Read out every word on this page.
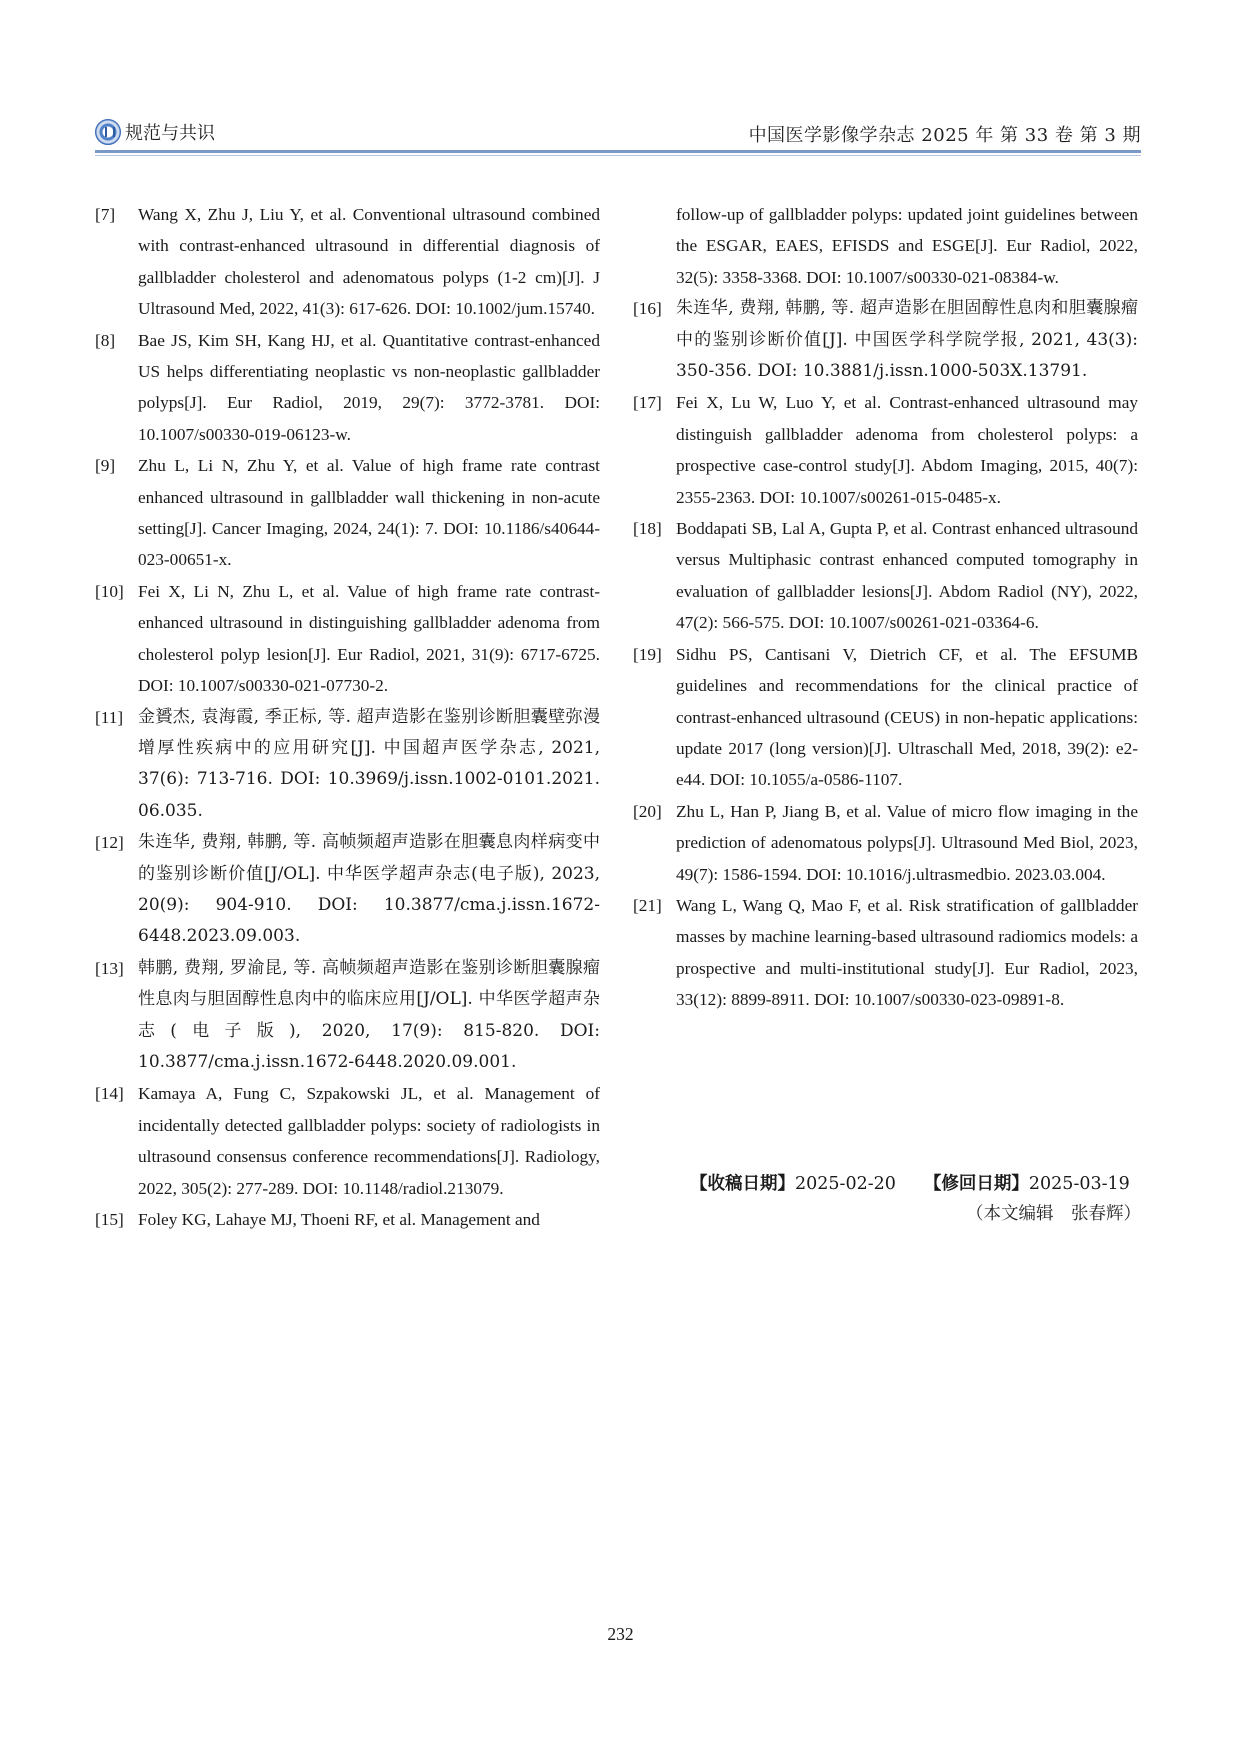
规范与共识	中国医学影像学杂志 2025 年 第 33 卷 第 3 期
[7] Wang X, Zhu J, Liu Y, et al. Conventional ultrasound combined with contrast-enhanced ultrasound in differential diagnosis of gallbladder cholesterol and adenomatous polyps (1-2 cm)[J]. J Ultrasound Med, 2022, 41(3): 617-626. DOI: 10.1002/jum.15740.
[8] Bae JS, Kim SH, Kang HJ, et al. Quantitative contrast-enhanced US helps differentiating neoplastic vs non-neoplastic gallbladder polyps[J]. Eur Radiol, 2019, 29(7): 3772-3781. DOI: 10.1007/s00330-019-06123-w.
[9] Zhu L, Li N, Zhu Y, et al. Value of high frame rate contrast enhanced ultrasound in gallbladder wall thickening in non-acute setting[J]. Cancer Imaging, 2024, 24(1): 7. DOI: 10.1186/s40644-023-00651-x.
[10] Fei X, Li N, Zhu L, et al. Value of high frame rate contrast-enhanced ultrasound in distinguishing gallbladder adenoma from cholesterol polyp lesion[J]. Eur Radiol, 2021, 31(9): 6717-6725. DOI: 10.1007/s00330-021-07730-2.
[11] 金贇杰, 袁海霞, 季正标, 等. 超声造影在鉴别诊断胆囊壁弥漫增厚性疾病中的应用研究[J]. 中国超声医学杂志, 2021, 37(6): 713-716. DOI: 10.3969/j.issn.1002-0101.2021. 06.035.
[12] 朱连华, 费翔, 韩鹏, 等. 高帧频超声造影在胆囊息肉样病变中的鉴别诊断价值[J/OL]. 中华医学超声杂志(电子版), 2023, 20(9): 904-910. DOI: 10.3877/cma.j.issn.1672-6448.2023.09.003.
[13] 韩鹏, 费翔, 罗渝昆, 等. 高帧频超声造影在鉴别诊断胆囊腺瘤性息肉与胆固醇性息肉中的临床应用[J/OL]. 中华医学超声杂志(电子版), 2020, 17(9): 815-820. DOI: 10.3877/cma.j.issn.1672-6448.2020.09.001.
[14] Kamaya A, Fung C, Szpakowski JL, et al. Management of incidentally detected gallbladder polyps: society of radiologists in ultrasound consensus conference recommendations[J]. Radiology, 2022, 305(2): 277-289. DOI: 10.1148/radiol.213079.
[15] Foley KG, Lahaye MJ, Thoeni RF, et al. Management and
follow-up of gallbladder polyps: updated joint guidelines between the ESGAR, EAES, EFISDS and ESGE[J]. Eur Radiol, 2022, 32(5): 3358-3368. DOI: 10.1007/s00330-021-08384-w.
[16] 朱连华, 费翔, 韩鹏, 等. 超声造影在胆固醇性息肉和胆囊腺瘤中的鉴别诊断价值[J]. 中国医学科学院学报, 2021, 43(3): 350-356. DOI: 10.3881/j.issn.1000-503X.13791.
[17] Fei X, Lu W, Luo Y, et al. Contrast-enhanced ultrasound may distinguish gallbladder adenoma from cholesterol polyps: a prospective case-control study[J]. Abdom Imaging, 2015, 40(7): 2355-2363. DOI: 10.1007/s00261-015-0485-x.
[18] Boddapati SB, Lal A, Gupta P, et al. Contrast enhanced ultrasound versus Multiphasic contrast enhanced computed tomography in evaluation of gallbladder lesions[J]. Abdom Radiol (NY), 2022, 47(2): 566-575. DOI: 10.1007/s00261-021-03364-6.
[19] Sidhu PS, Cantisani V, Dietrich CF, et al. The EFSUMB guidelines and recommendations for the clinical practice of contrast-enhanced ultrasound (CEUS) in non-hepatic applications: update 2017 (long version)[J]. Ultraschall Med, 2018, 39(2): e2-e44. DOI: 10.1055/a-0586-1107.
[20] Zhu L, Han P, Jiang B, et al. Value of micro flow imaging in the prediction of adenomatous polyps[J]. Ultrasound Med Biol, 2023, 49(7): 1586-1594. DOI: 10.1016/j.ultrasmedbio. 2023.03.004.
[21] Wang L, Wang Q, Mao F, et al. Risk stratification of gallbladder masses by machine learning-based ultrasound radiomics models: a prospective and multi-institutional study[J]. Eur Radiol, 2023, 33(12): 8899-8911. DOI: 10.1007/s00330-023-09891-8.
【收稿日期】2025-02-20 【修回日期】2025-03-19
（本文编辑　张春辉）
232
